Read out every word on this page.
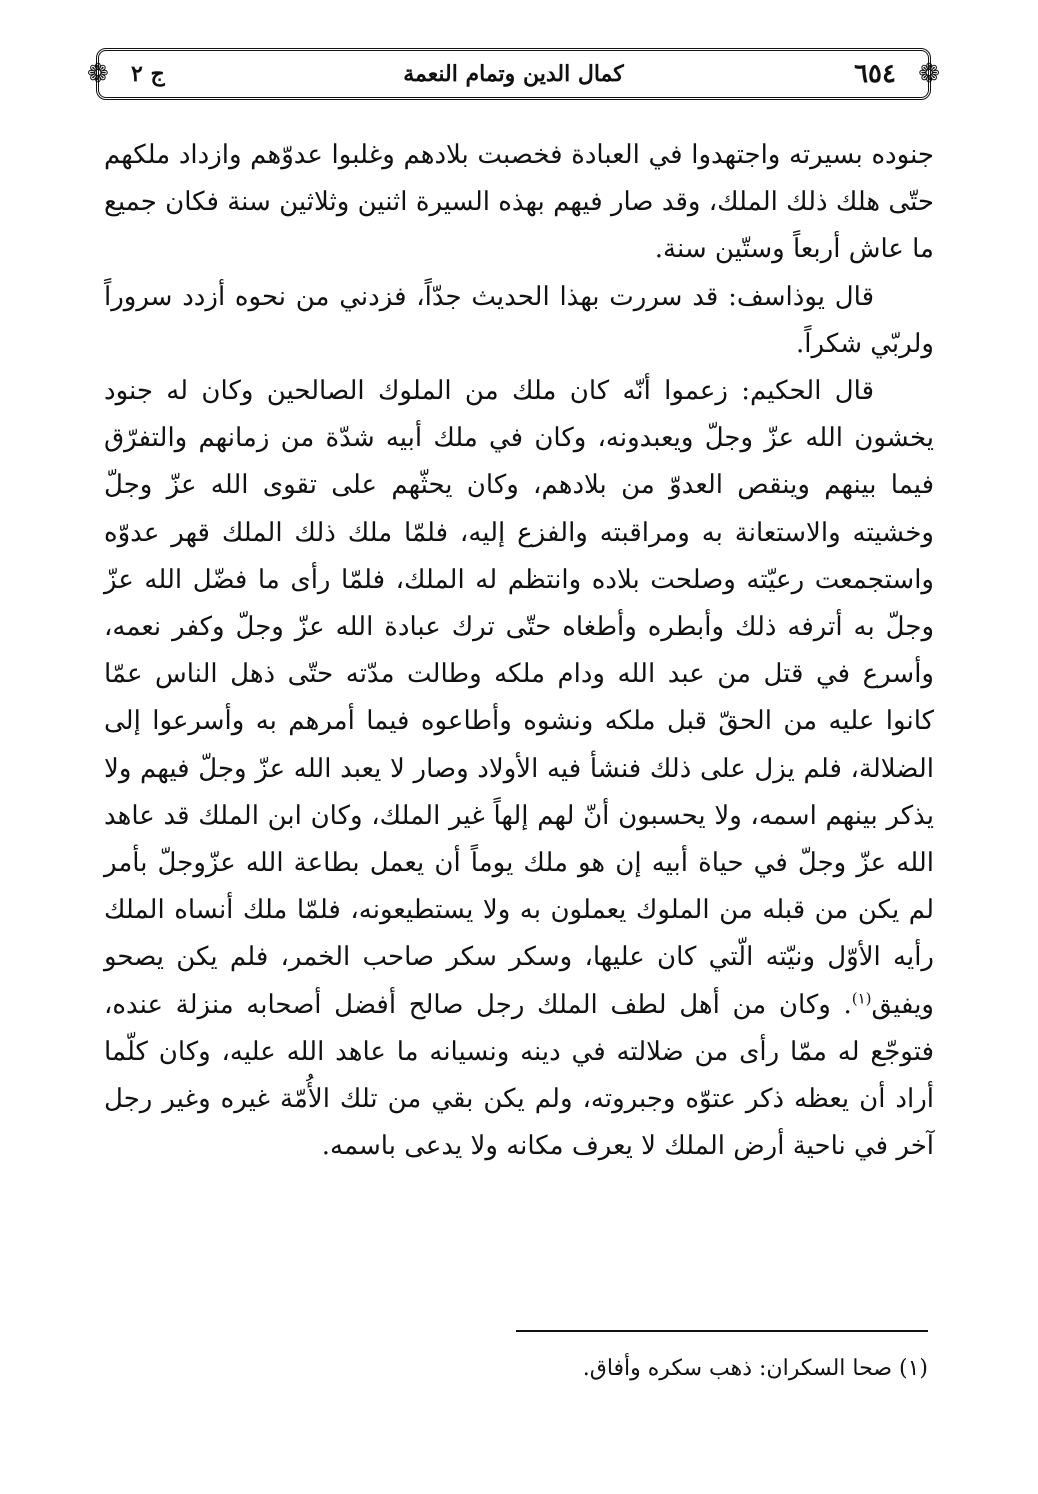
❁
٦٥٤
كمال الدين وتمام النعمة
ج ٢
❁

جنوده بسيرته واجتهدوا في العبادة فخصبت بلادهم وغلبوا عدوّهم وازداد ملكهم حتّى هلك ذلك الملك، وقد صار فيهم بهذه السيرة اثنين وثلاثين سنة فكان جميع ما عاش أربعاً وستّين سنة.

قال يوذاسف: قد سررت بهذا الحديث جدّاً، فزدني من نحوه أزدد سروراً ولربّي شكراً.

قال الحكيم: زعموا أنّه كان ملك من الملوك الصالحين وكان له جنود يخشون الله عزّ وجلّ ويعبدونه، وكان في ملك أبيه شدّة من زمانهم والتفرّق فيما بينهم وينقص العدوّ من بلادهم، وكان يحثّهم على تقوى الله عزّ وجلّ وخشيته والاستعانة به ومراقبته والفزع إليه، فلمّا ملك ذلك الملك قهر عدوّه واستجمعت رعيّته وصلحت بلاده وانتظم له الملك، فلمّا رأى ما فضّل الله عزّ وجلّ به أترفه ذلك وأبطره وأطغاه حتّى ترك عبادة الله عزّ وجلّ وكفر نعمه، وأسرع في قتل من عبد الله ودام ملكه وطالت مدّته حتّى ذهل الناس عمّا كانوا عليه من الحقّ قبل ملكه ونشوه وأطاعوه فيما أمرهم به وأسرعوا إلى الضلالة، فلم يزل على ذلك فنشأ فيه الأولاد وصار لا يعبد الله عزّ وجلّ فيهم ولا يذكر بينهم اسمه، ولا يحسبون أنّ لهم إلهاً غير الملك، وكان ابن الملك قد عاهد الله عزّ وجلّ في حياة أبيه إن هو ملك يوماً أن يعمل بطاعة الله عزّوجلّ بأمر لم يكن من قبله من الملوك يعملون به ولا يستطيعونه، فلمّا ملك أنساه الملك رأيه الأوّل ونيّته الّتي كان عليها، وسكر سكر صاحب الخمر، فلم يكن يصحو ويفيق$^{(١)}$. وكان من أهل لطف الملك رجل صالح أفضل أصحابه منزلة عنده، فتوجّع له ممّا رأى من ضلالته في دينه ونسيانه ما عاهد الله عليه، وكان كلّما أراد أن يعظه ذكر عتوّه وجبروته، ولم يكن بقي من تلك الأُمّة غيره وغير رجل آخر في ناحية أرض الملك لا يعرف مكانه ولا يدعى باسمه.

(١) صحا السكران: ذهب سكره وأفاق.
